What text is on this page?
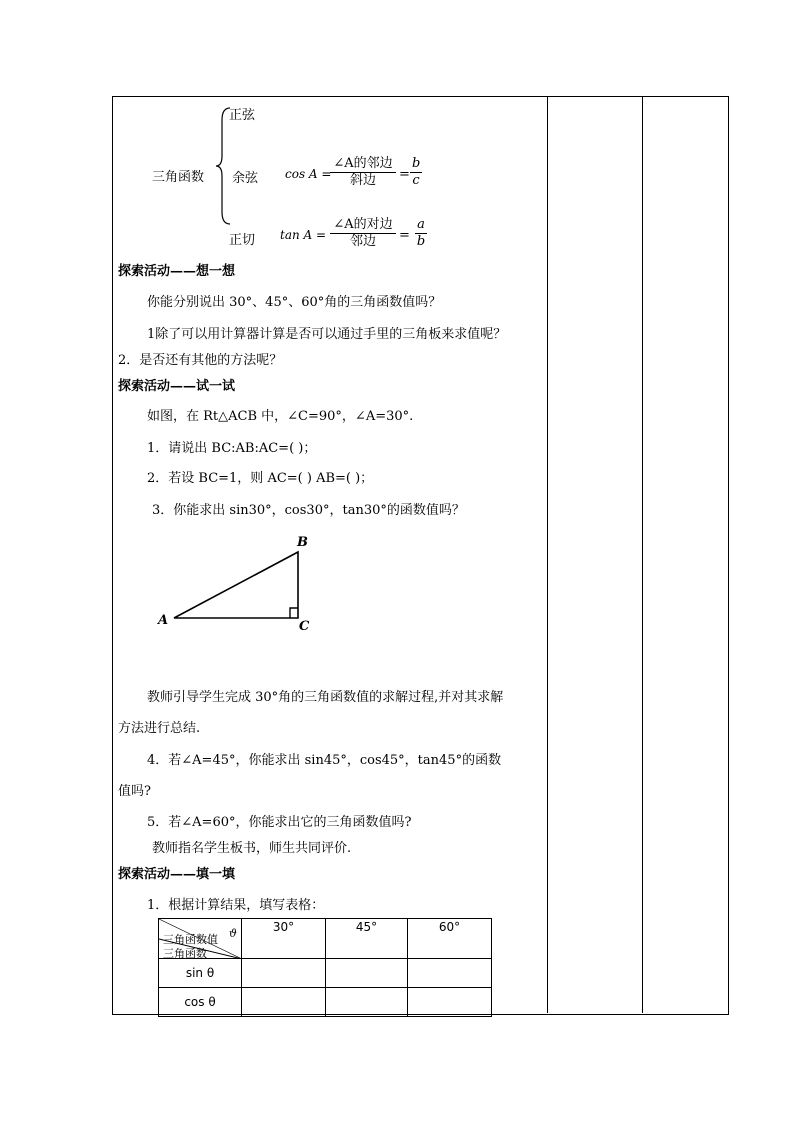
正弦
三角函数 余弦
正切
cos A =
∠A的邻边
斜边	= $\frac{b}{c}$
tan A =
∠A的对边
邻边	= $\frac{a}{b}$
探索活动——想一想
你能分别说出 30°、45°、60°角的三角函数值吗？
1除了可以用计算器计算是否可以通过手里的三角板来求值呢？
2．是否还有其他的方法呢？
探索活动——试一试
如图，在 Rt△ACB 中，∠C=90°，∠A=30°.
1．请说出 BC:AB:AC=( )；
2．若设 BC=1，则 AC=( ) AB=( )；
3．你能求出 sin30°，cos30°，tan30°的函数值吗？
A
B
C
教师引导学生完成 30°角的三角函数值的求解过程,并对其求解
方法进行总结.
4．若∠A=45°，你能求出 sin45°，cos45°，tan45°的函数
值吗?
5．若∠A=60°，你能求出它的三角函数值吗?
教师指名学生板书，师生共同评价.
探索活动——填一填
1．根据计算结果，填写表格：
三角函数值 ϑ
三角函数	30°	45°	60°
sin θ			
cos θ			
